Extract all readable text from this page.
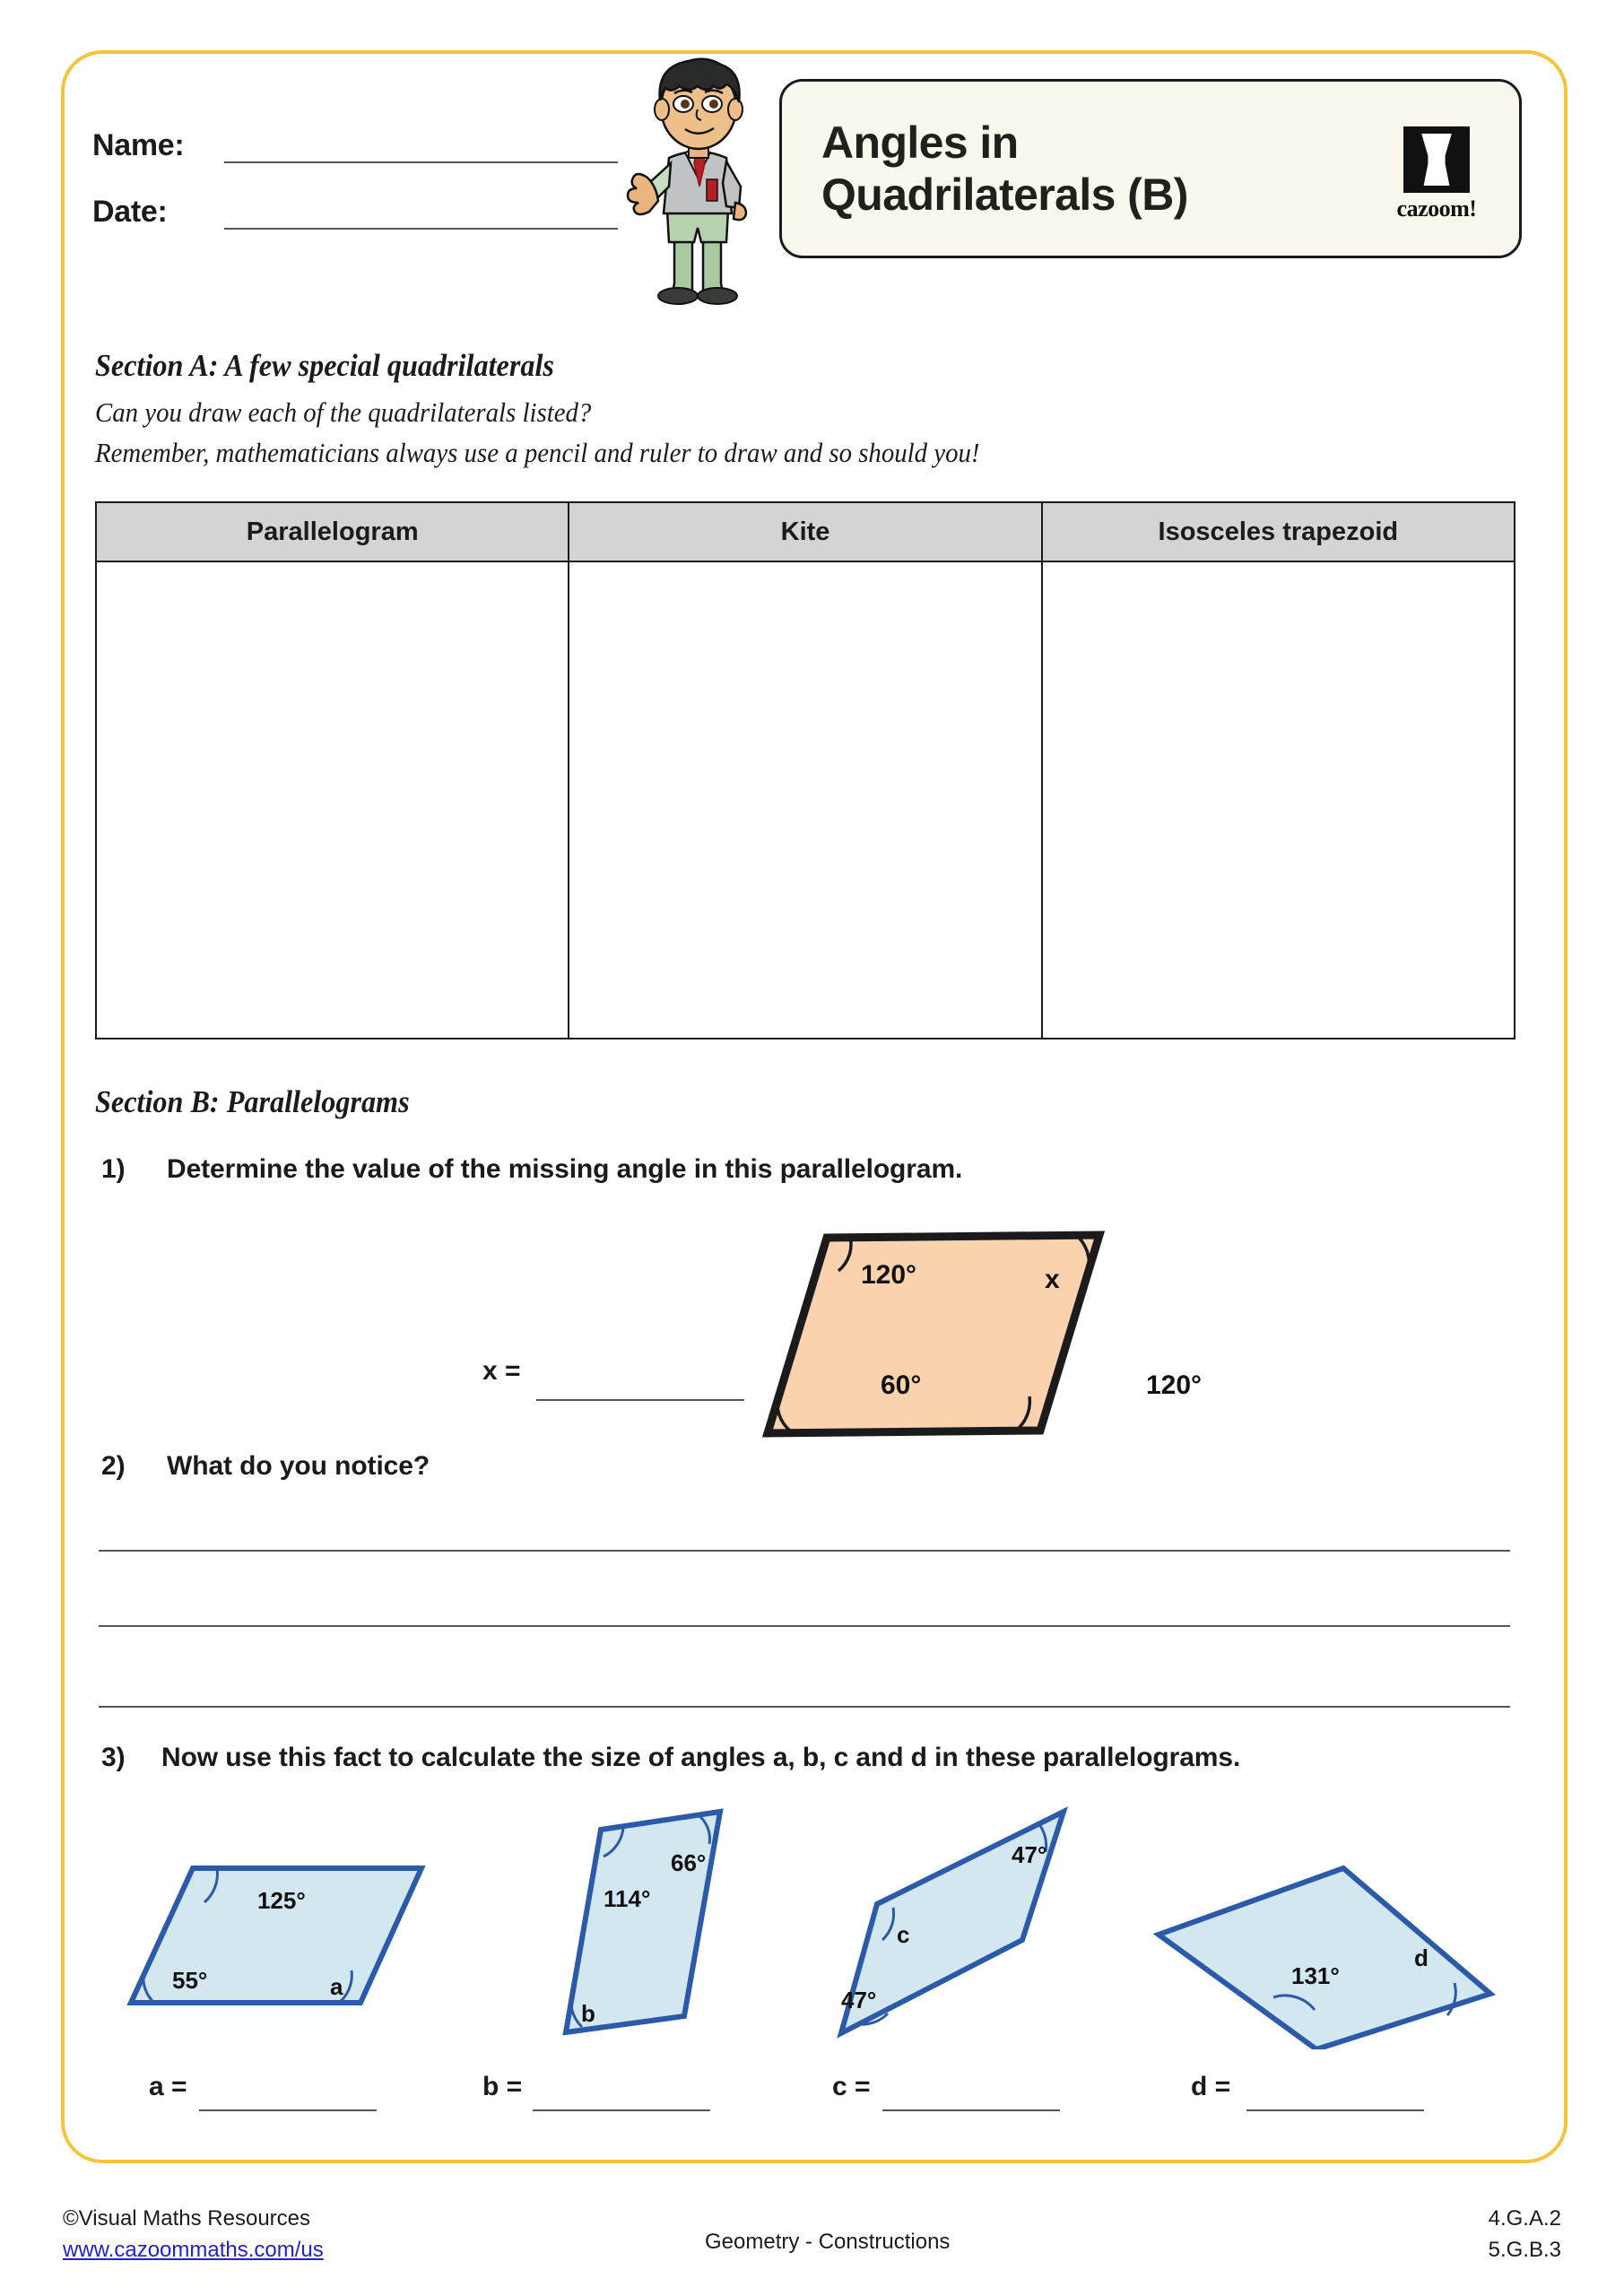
Name:
Date:
Angles in
Quadrilaterals (B)	cazoom!
Section A: A few special quadrilaterals
Can you draw each of the quadrilaterals listed?
Remember, mathematicians always use a pencil and ruler to draw and so should you!
Parallelogram	Kite	Isosceles trapezoid

Section B: Parallelograms
1) Determine the value of the missing angle in this parallelogram.
x =
120°	x
60°	120°
2) What do you notice?
3) Now use this fact to calculate the size of angles a, b, c and d in these parallelograms.
125°
55°	a
114°
66°
b
47°
c
47°
131°
d
a =	b =	c =	d =
©Visual Maths Resources
www.cazoommaths.com/us	Geometry - Constructions
4.G.A.2
5.G.B.3
